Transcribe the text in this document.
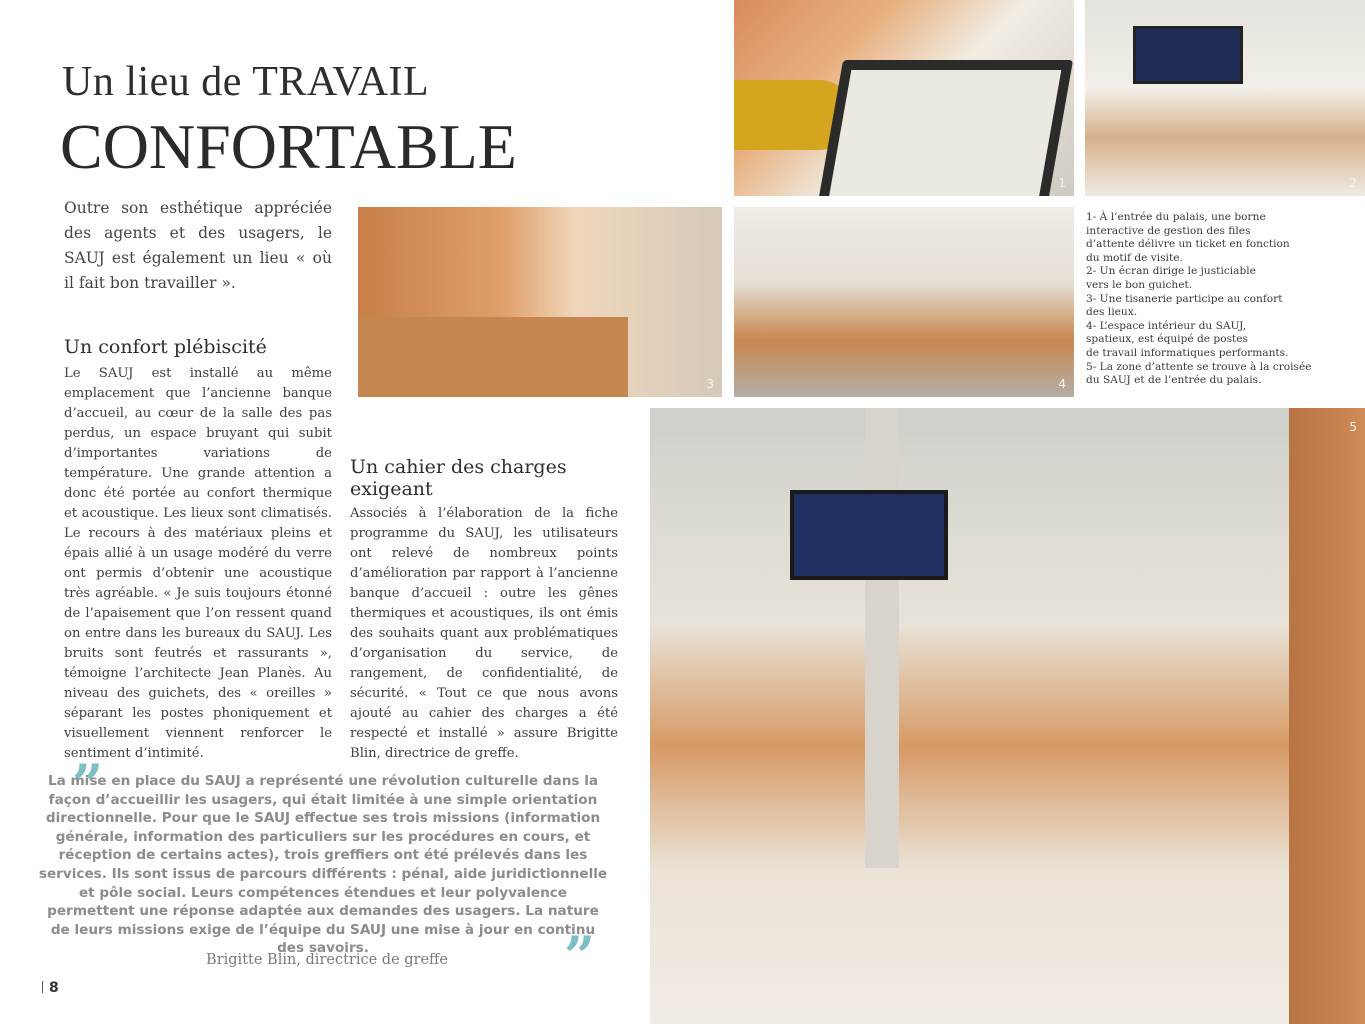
Un lieu de TRAVAIL
CONFORTABLE
Outre son esthétique appréciée des agents et des usagers, le SAUJ est également un lieu « où il fait bon travailler ».
Un confort plébiscité
Le SAUJ est installé au même emplacement que l’ancienne banque d’accueil, au cœur de la salle des pas perdus, un espace bruyant qui subit d’importantes variations de température. Une grande attention a donc été portée au confort thermique et acoustique. Les lieux sont climatisés. Le recours à des matériaux pleins et épais allié à un usage modéré du verre ont permis d’obtenir une acoustique très agréable. « Je suis toujours étonné de l’apaisement que l’on ressent quand on entre dans les bureaux du SAUJ. Les bruits sont feutrés et rassurants », témoigne l’architecte Jean Planès. Au niveau des guichets, des « oreilles » séparant les postes phoniquement et visuellement viennent renforcer le sentiment d’intimité.
Un cahier des charges exigeant
Associés à l’élaboration de la fiche programme du SAUJ, les utilisateurs ont relevé de nombreux points d’amélioration par rapport à l’ancienne banque d’accueil : outre les gênes thermiques et acoustiques, ils ont émis des souhaits quant aux problématiques d’organisation du service, de rangement, de confidentialité, de sécurité. « Tout ce que nous avons ajouté au cahier des charges a été respecté et installé » assure Brigitte Blin, directrice de greffe.
”
La mise en place du SAUJ a représenté une révolution culturelle dans la façon d’accueillir les usagers, qui était limitée à une simple orientation directionnelle. Pour que le SAUJ effectue ses trois missions (information générale, information des particuliers sur les procédures en cours, et réception de certains actes), trois greffiers ont été prélevés dans les services. Ils sont issus de parcours différents : pénal, aide juridictionnelle et pôle social. Leurs compétences étendues et leur polyvalence permettent une réponse adaptée aux demandes des usagers. La nature de leurs missions exige de l’équipe du SAUJ une mise à jour en continu des savoirs.	”
Brigitte Blin, directrice de greffe
8
1	2
3	4
5
1- À l’entrée du palais, une borne
interactive de gestion des files
d’attente délivre un ticket en fonction
du motif de visite.
2- Un écran dirige le justiciable
vers le bon guichet.
3- Une tisanerie participe au confort
des lieux.
4- L’espace intérieur du SAUJ,
spatieux, est équipé de postes
de travail informatiques performants.
5- La zone d’attente se trouve à la croisée
du SAUJ et de l’entrée du palais.
